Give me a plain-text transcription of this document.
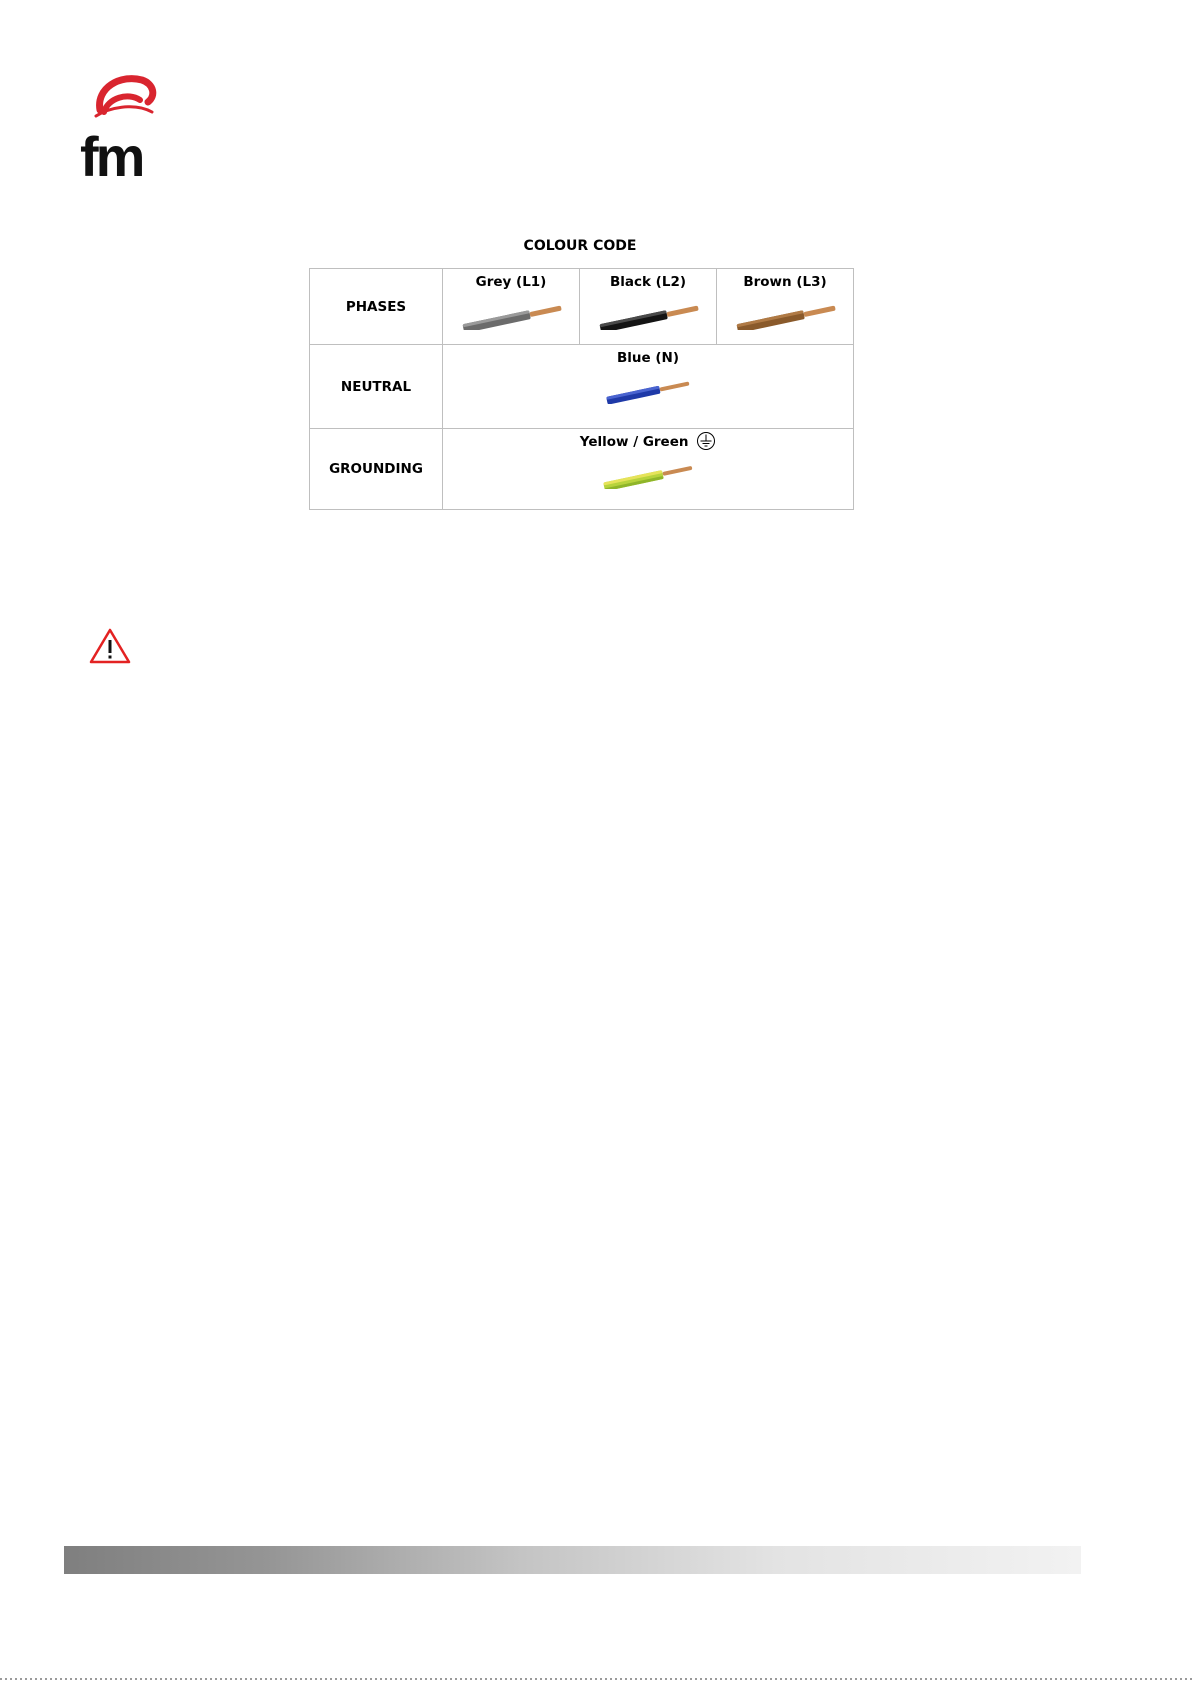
fm
COLOUR CODE
PHASES	Grey (L1)	Black (L2)	Brown (L3)

NEUTRAL	Blue (N)		

GROUNDING	Yellow / Green		
